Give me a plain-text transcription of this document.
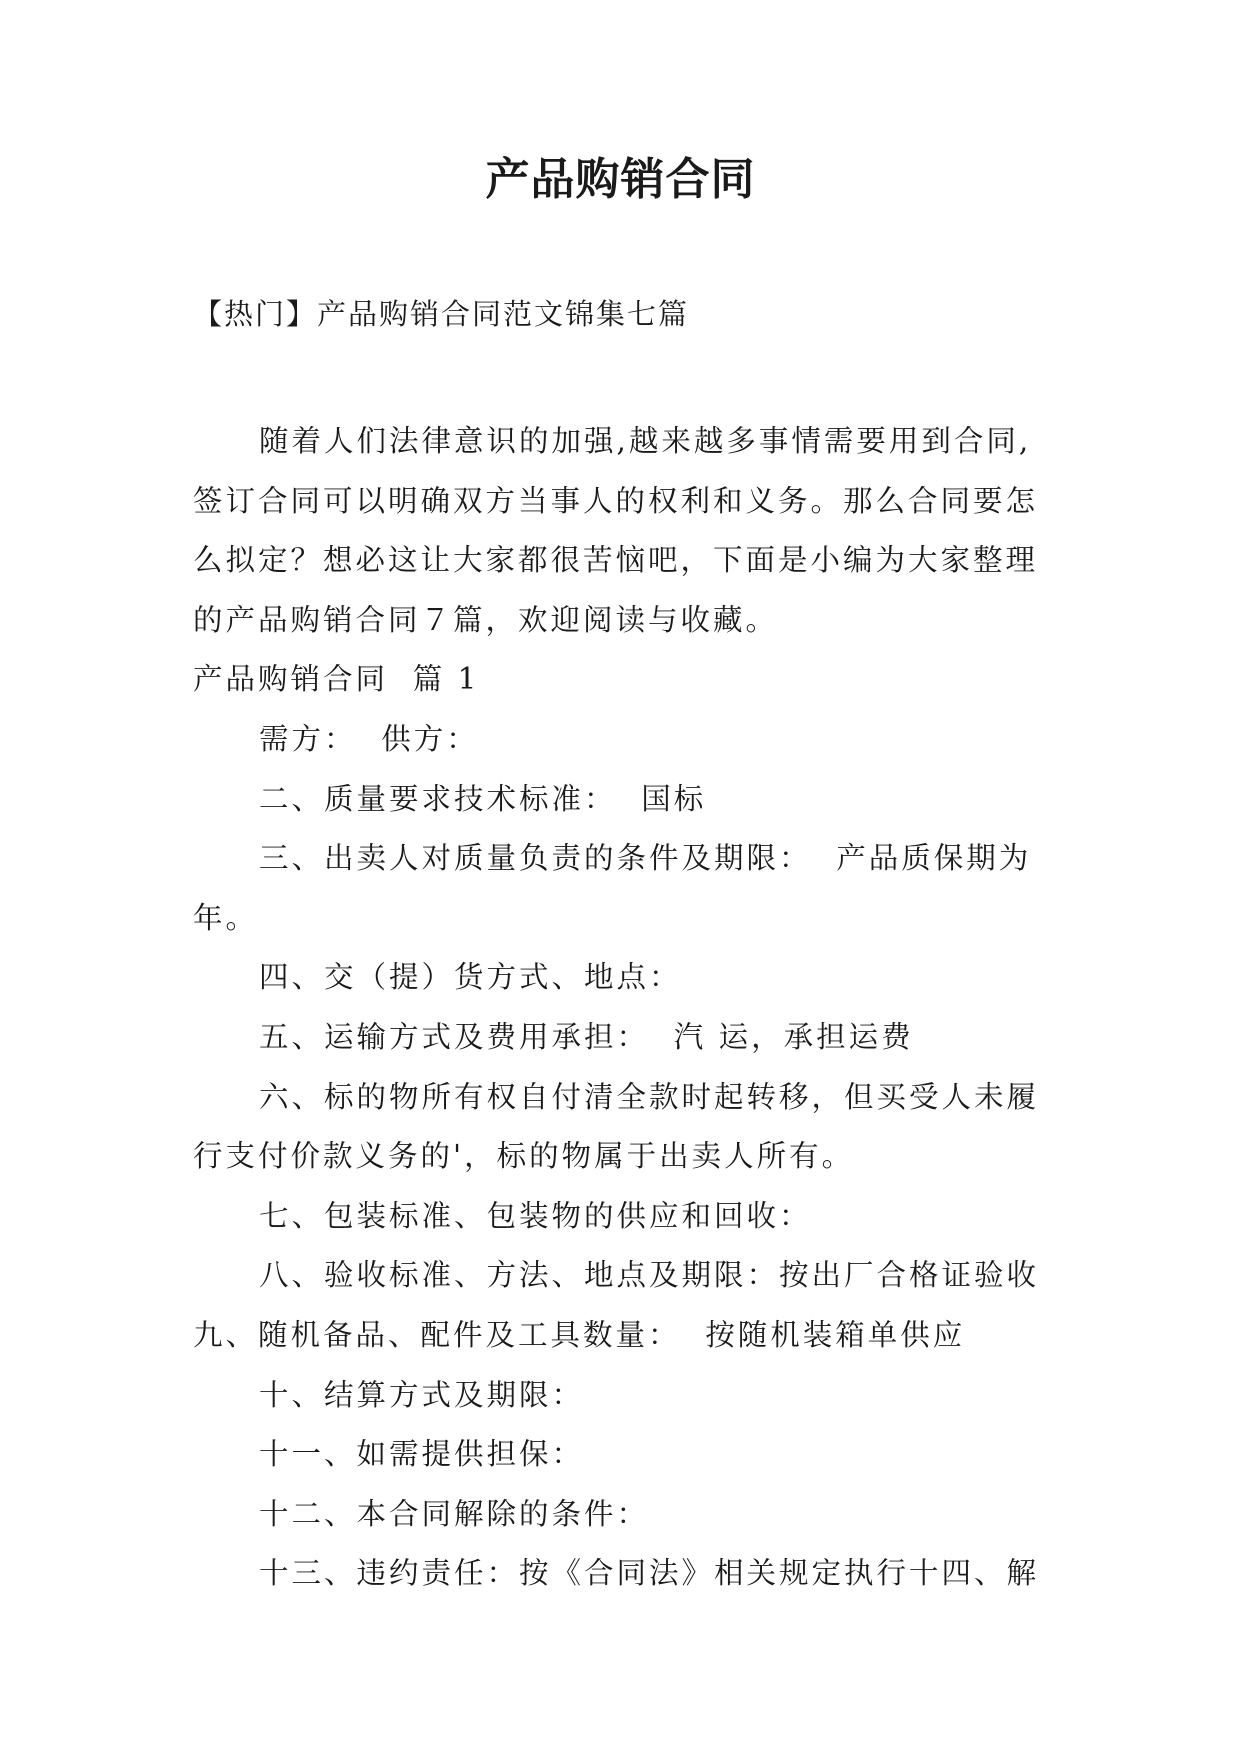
产品购销合同
【热门】产品购销合同范文锦集七篇

随着人们法律意识的加强,越来越多事情需要用到合同,
签订合同可以明确双方当事人的权利和义务。那么合同要怎
么拟定？想必这让大家都很苦恼吧，下面是小编为大家整理
的产品购销合同７篇，欢迎阅读与收藏。

产品购销合同  篇 1

需方：  供方：

二、质量要求技术标准：  国标

三、出卖人对质量负责的条件及期限：  产品质保期为
年。

四、交（提）货方式、地点：

五、运输方式及费用承担：  汽 运，承担运费

六、标的物所有权自付清全款时起转移，但买受人未履
行支付价款义务的'，标的物属于出卖人所有。

七、包装标准、包装物的供应和回收：

八、验收标准、方法、地点及期限：按出厂合格证验收

九、随机备品、配件及工具数量：  按随机装箱单供应

十、结算方式及期限：

十一、如需提供担保：

十二、本合同解除的条件：

十三、违约责任：按《合同法》相关规定执行十四、解
